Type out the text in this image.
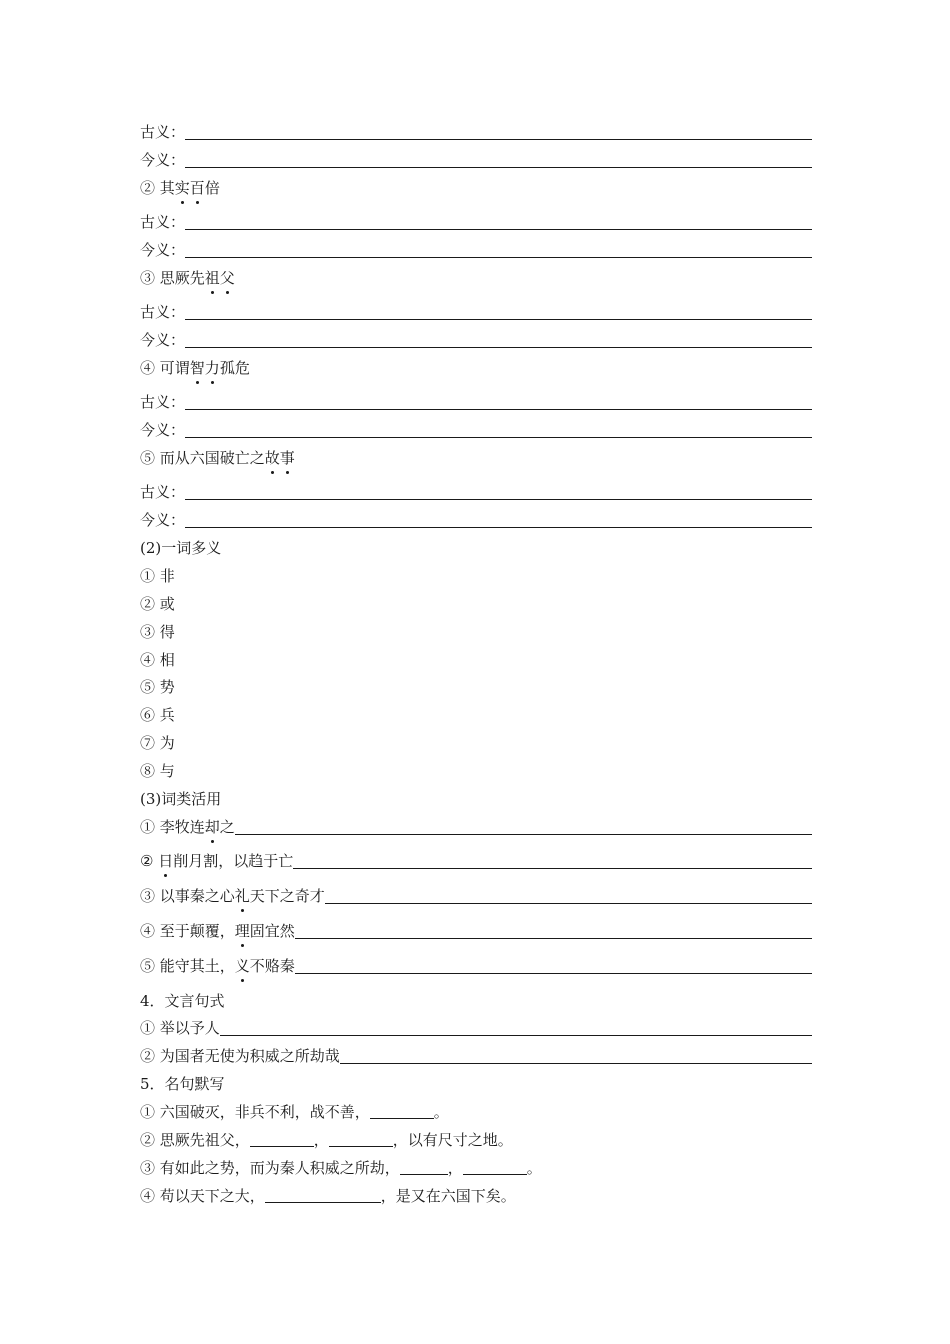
古义：
今义：
② 其实百倍
古义：
今义：
③ 思厥先祖父
古义：
今义：
④ 可谓智力孤危
古义：
今义：
⑤ 而从六国破亡之故事
古义：
今义：
(2)一词多义
① 非
② 或
③ 得
④ 相
⑤ 势
⑥ 兵
⑦ 为
⑧ 与
(3)词类活用
① 李牧连却之
② 日削月割，以趋于亡
③ 以事秦之心礼天下之奇才
④ 至于颠覆，理固宜然
⑤ 能守其土，义不赂秦
4．文言句式
① 举以予人
② 为国者无使为积威之所劫哉
5．名句默写
① 六国破灭，非兵不利，战不善，	。
② 思厥先祖父，	，	，以有尺寸之地。
③ 有如此之势，而为秦人积威之所劫，	，	。
④ 苟以天下之大，	，是又在六国下矣。
